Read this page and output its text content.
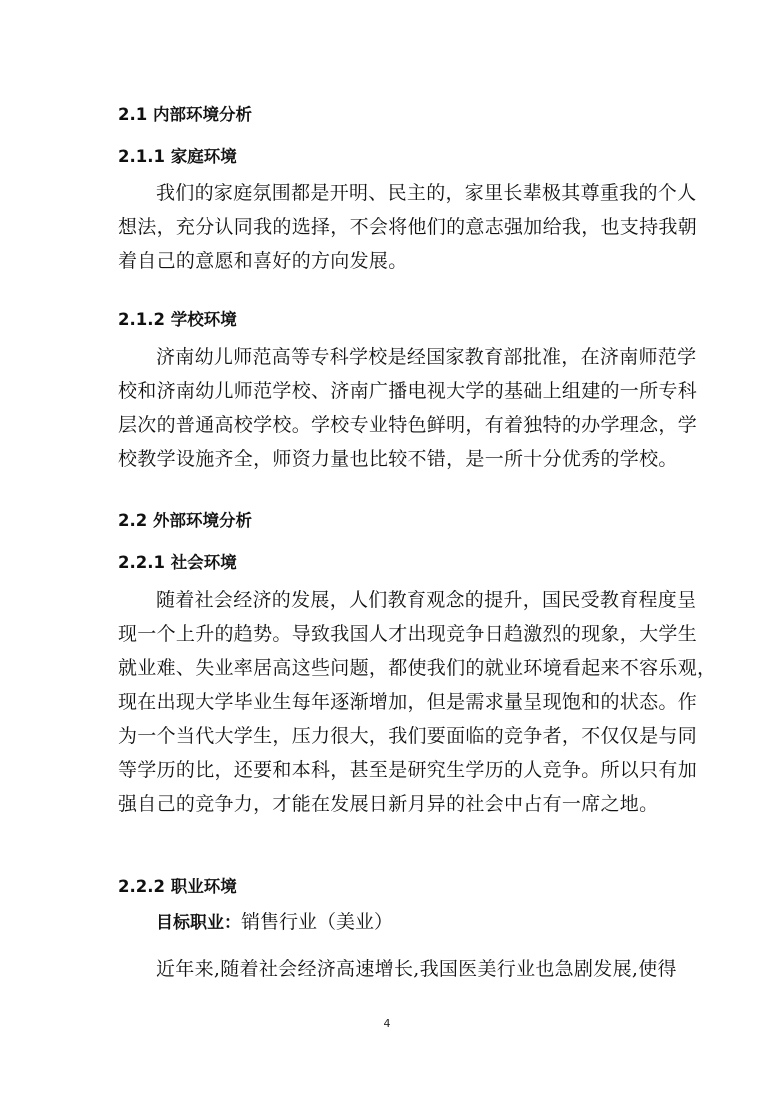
2.1 内部环境分析
2.1.1 家庭环境
我们的家庭氛围都是开明、民主的，家里长辈极其尊重我的个人
想法，充分认同我的选择，不会将他们的意志强加给我，也支持我朝
着自己的意愿和喜好的方向发展。
2.1.2 学校环境
济南幼儿师范高等专科学校是经国家教育部批准，在济南师范学
校和济南幼儿师范学校、济南广播电视大学的基础上组建的一所专科
层次的普通高校学校。学校专业特色鲜明，有着独特的办学理念，学
校教学设施齐全，师资力量也比较不错，是一所十分优秀的学校。
2.2 外部环境分析
2.2.1 社会环境
随着社会经济的发展，人们教育观念的提升，国民受教育程度呈
现一个上升的趋势。导致我国人才出现竞争日趋激烈的现象，大学生
就业难、失业率居高这些问题，都使我们的就业环境看起来不容乐观，
现在出现大学毕业生每年逐渐增加，但是需求量呈现饱和的状态。作
为一个当代大学生，压力很大，我们要面临的竞争者，不仅仅是与同
等学历的比，还要和本科，甚至是研究生学历的人竞争。所以只有加
强自己的竞争力，才能在发展日新月异的社会中占有一席之地。
2.2.2 职业环境
目标职业：销售行业（美业）
近年来,随着社会经济高速增长,我国医美行业也急剧发展,使得
4
